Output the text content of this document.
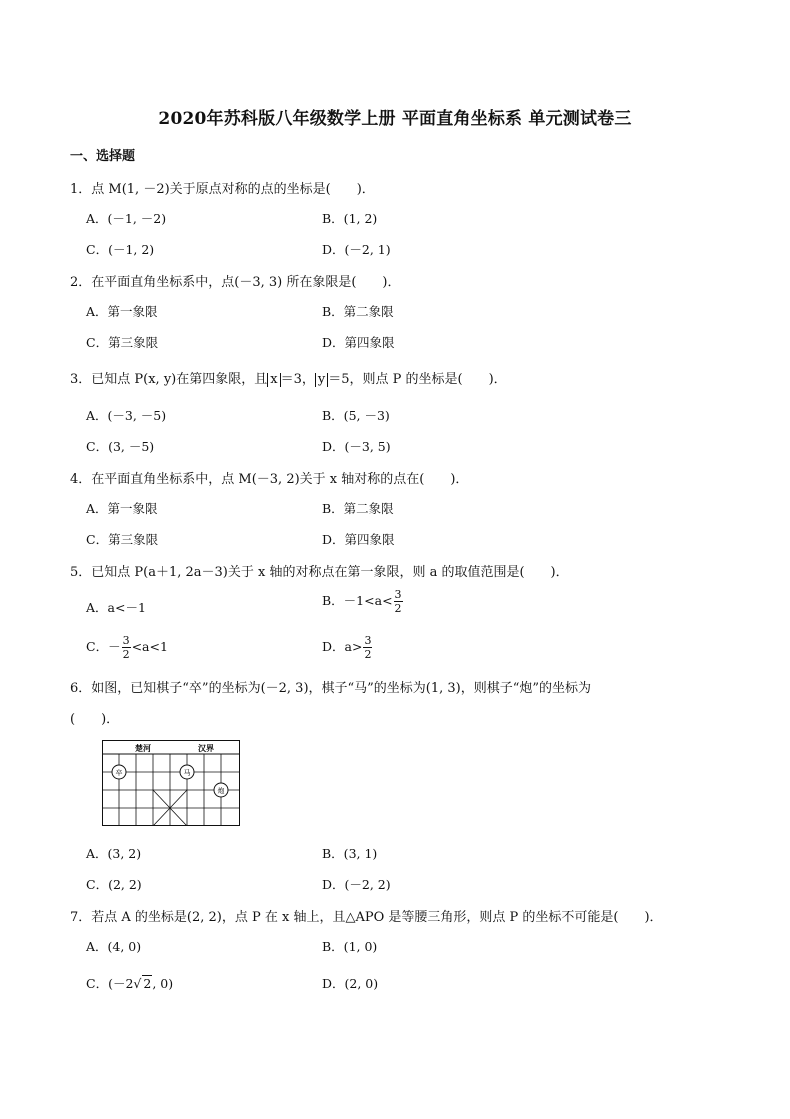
2020年苏科版八年级数学上册 平面直角坐标系 单元测试卷三
一、选择题
1．点 M(1, －2)关于原点对称的点的坐标是(　　)．
A．(－1, －2)	B．(1, 2)
C．(－1, 2)	D．(－2, 1)
2．在平面直角坐标系中，点(－3, 3) 所在象限是(　　)．
A．第一象限	B．第二象限
C．第三象限	D．第四象限
3．已知点 P(x, y)在第四象限，且 x ＝3， y ＝5，则点 P 的坐标是(　　)．
A．(－3, －5)	B．(5, －3)
C．(3, －5)	D．(－3, 5)
4．在平面直角坐标系中，点 M(－3, 2)关于 x 轴对称的点在(　　)．
A．第一象限	B．第二象限
C．第三象限	D．第四象限
5．已知点 P(a＋1, 2a－3)关于 x 轴的对称点在第一象限，则 a 的取值范围是(　　)．
A．a<－1	B．$-1<a< \frac{3}{2}$
C．－ $\frac{3}{2} <a<1$	D．$a> \frac{3}{2}$
6．如图，已知棋子“卒”的坐标为(－2, 3)，棋子“马”的坐标为(1, 3)，则棋子“炮”的坐标为
(　　)．
楚河	汉界
卒	马
炮
A．(3, 2)	B．(3, 1)
C．(2, 2)	D．(－2, 2)
7．若点 A 的坐标是(2, 2)，点 P 在 x 轴上，且△APO 是等腰三角形，则点 P 的坐标不可能是(　　)．
A．(4, 0)	B．(1, 0)
C．(－2√ 2, 0)	D．(2, 0)
